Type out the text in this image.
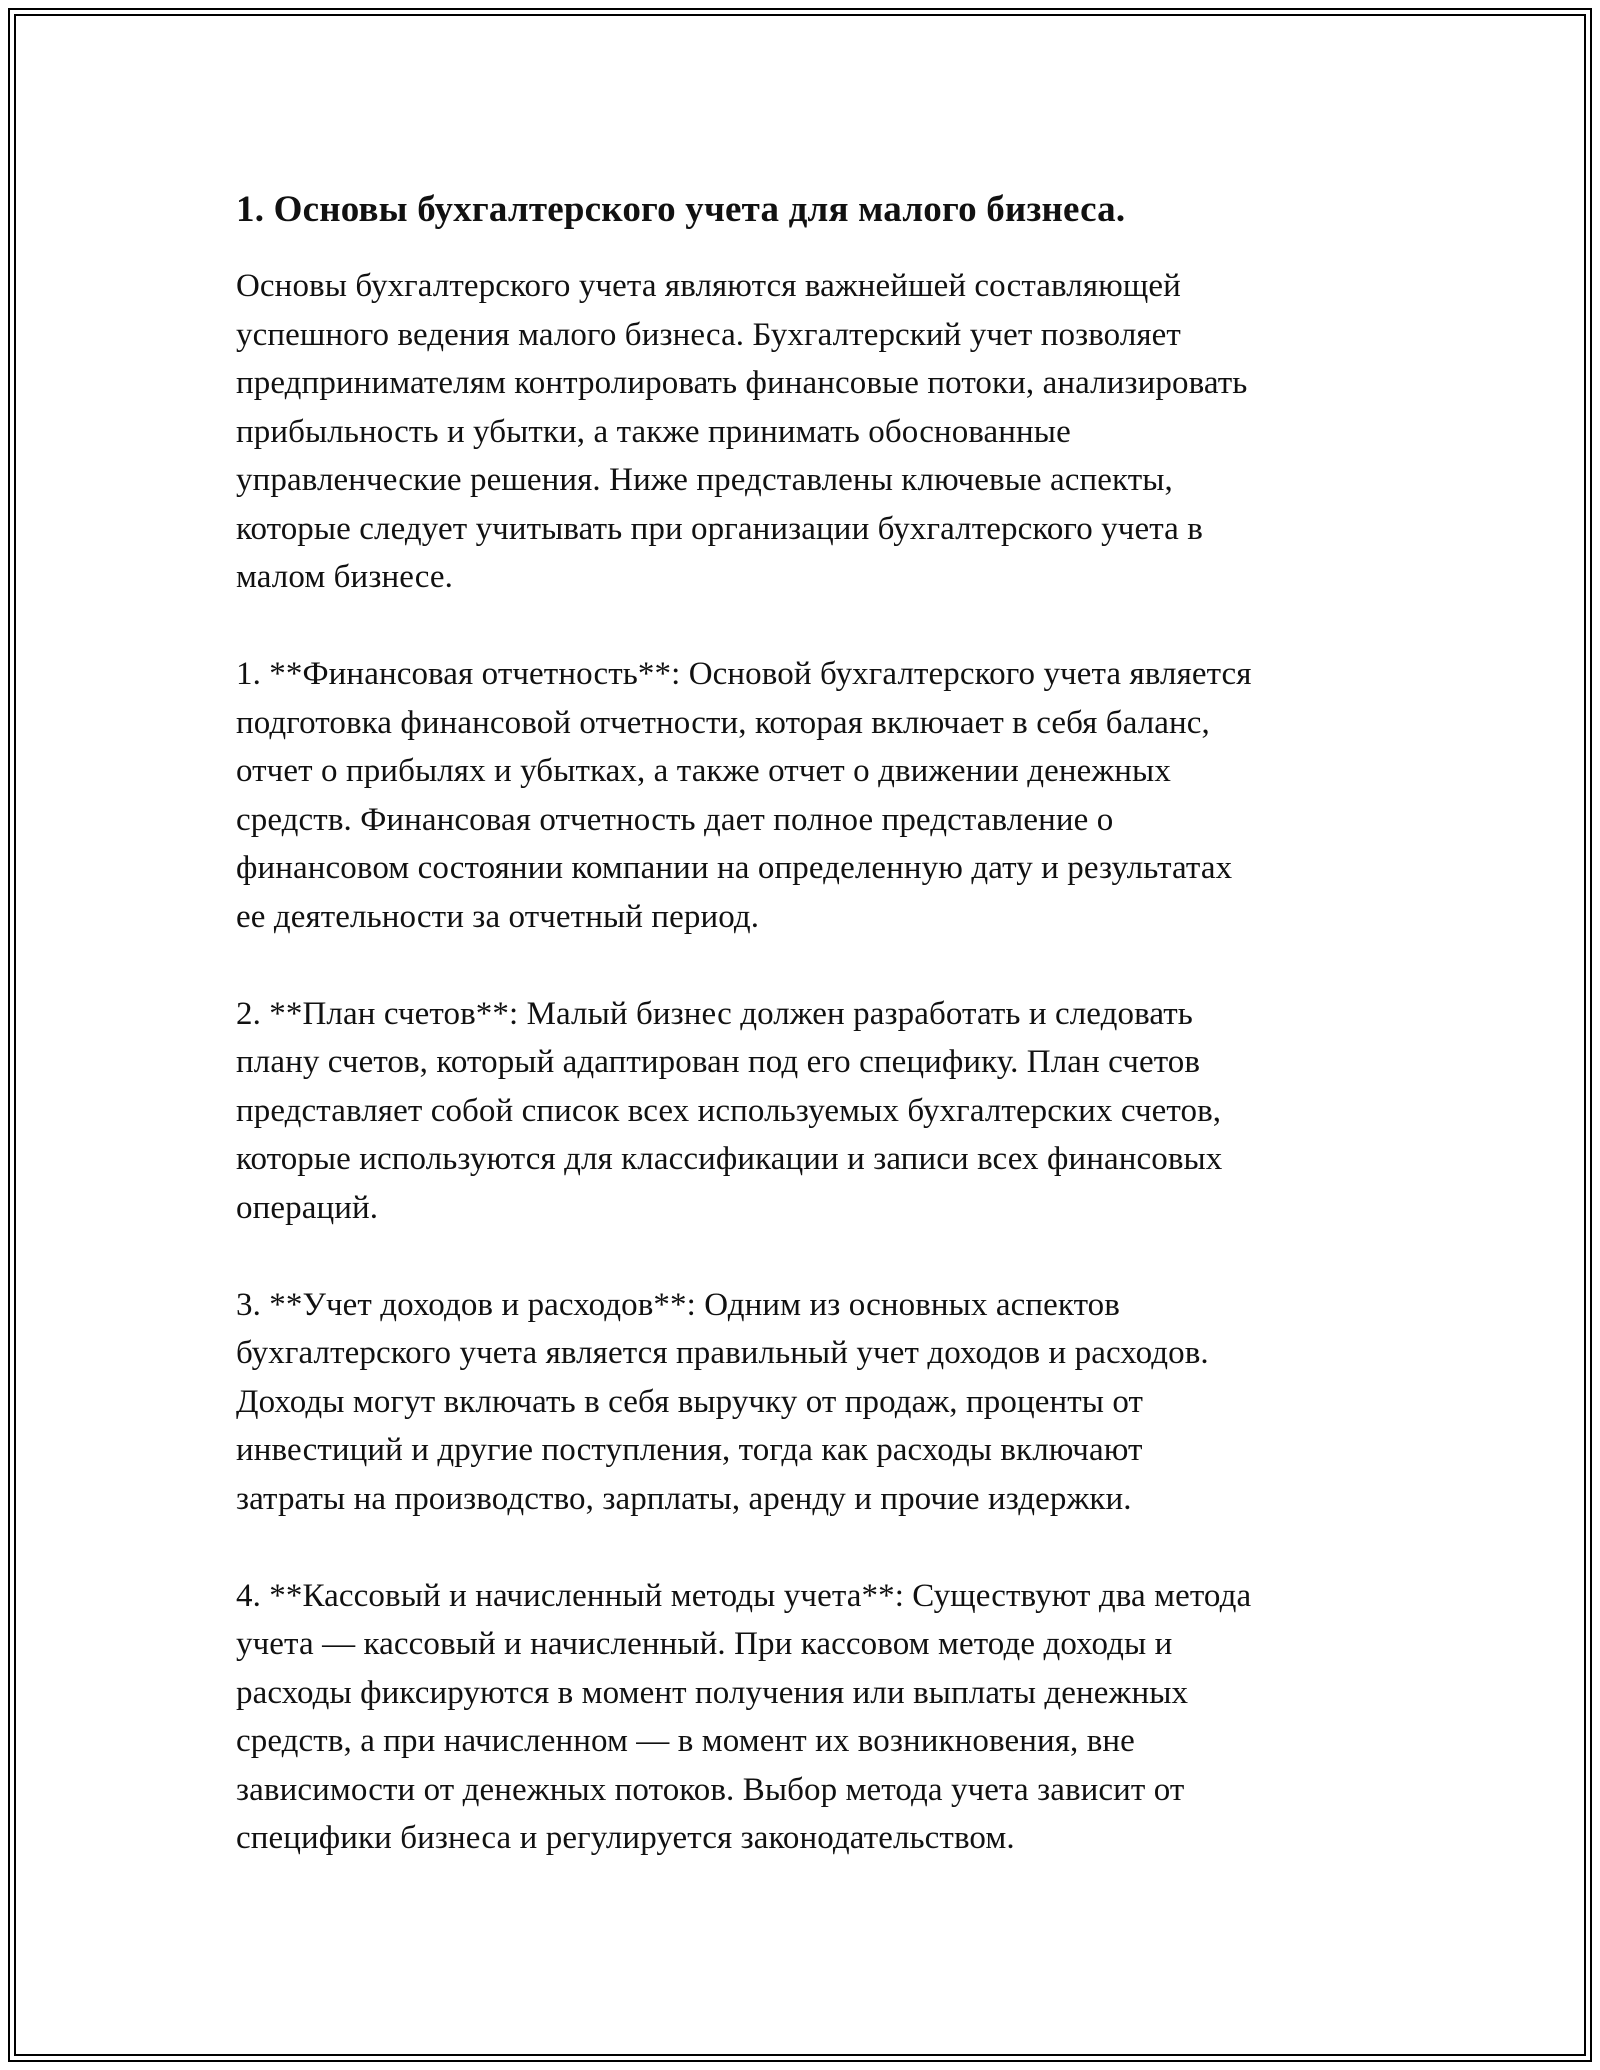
1. Основы бухгалтерского учета для малого бизнеса.

Основы бухгалтерского учета являются важнейшей составляющей
успешного ведения малого бизнеса. Бухгалтерский учет позволяет
предпринимателям контролировать финансовые потоки, анализировать
прибыльность и убытки, а также принимать обоснованные
управленческие решения. Ниже представлены ключевые аспекты,
которые следует учитывать при организации бухгалтерского учета в
малом бизнесе.

1. **Финансовая отчетность**: Основой бухгалтерского учета является
подготовка финансовой отчетности, которая включает в себя баланс,
отчет о прибылях и убытках, а также отчет о движении денежных
средств. Финансовая отчетность дает полное представление о
финансовом состоянии компании на определенную дату и результатах
ее деятельности за отчетный период.

2. **План счетов**: Малый бизнес должен разработать и следовать
плану счетов, который адаптирован под его специфику. План счетов
представляет собой список всех используемых бухгалтерских счетов,
которые используются для классификации и записи всех финансовых
операций.

3. **Учет доходов и расходов**: Одним из основных аспектов
бухгалтерского учета является правильный учет доходов и расходов.
Доходы могут включать в себя выручку от продаж, проценты от
инвестиций и другие поступления, тогда как расходы включают
затраты на производство, зарплаты, аренду и прочие издержки.

4. **Кассовый и начисленный методы учета**: Существуют два метода
учета — кассовый и начисленный. При кассовом методе доходы и
расходы фиксируются в момент получения или выплаты денежных
средств, а при начисленном — в момент их возникновения, вне
зависимости от денежных потоков. Выбор метода учета зависит от
специфики бизнеса и регулируется законодательством.
